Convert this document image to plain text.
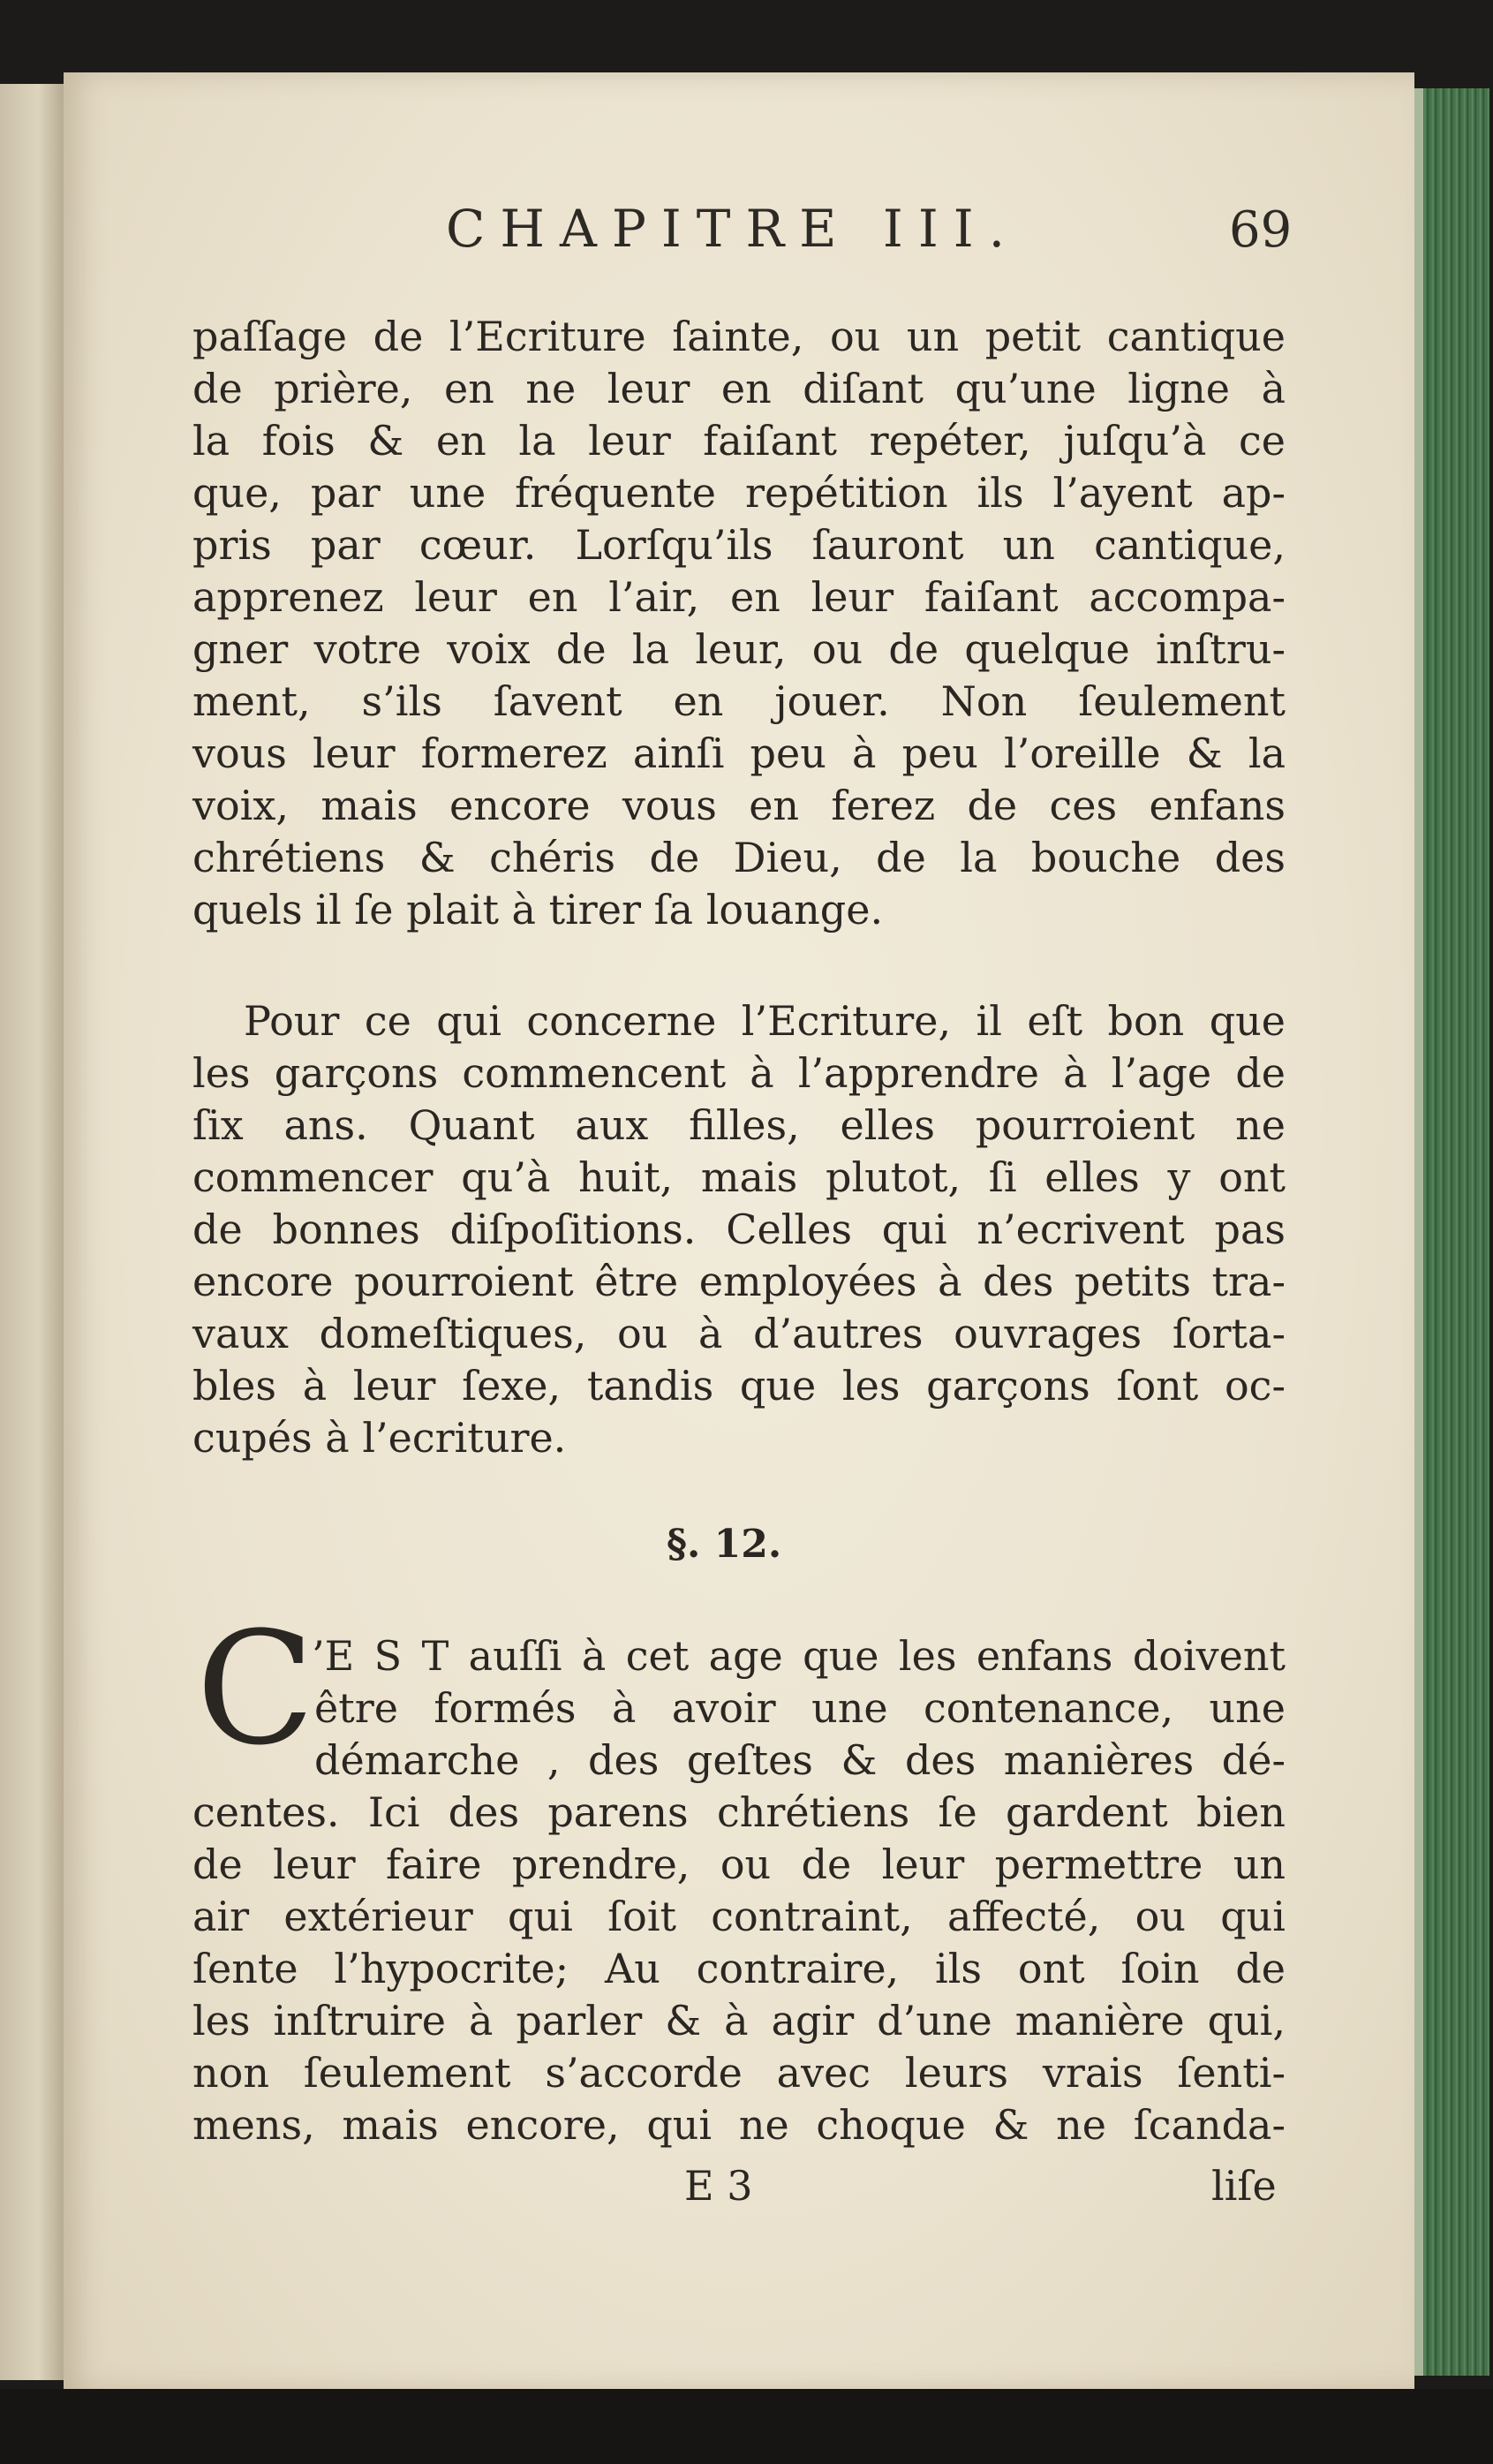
CHAPITRE III.	69
paſſage de l’Ecriture ſainte, ou un petit cantique
de prière, en ne leur en diſant qu’une ligne à
la fois & en la leur faiſant repéter, juſqu’à ce
que, par une fréquente repétition ils l’ayent ap-
pris par cœur. Lorſqu’ils ſauront un cantique,
apprenez leur en l’air, en leur faiſant accompa-
gner votre voix de la leur, ou de quelque inſtru-
ment, s’ils ſavent en jouer. Non ſeulement
vous leur formerez ainſi peu à peu l’oreille & la
voix, mais encore vous en ferez de ces enfans
chrétiens & chéris de Dieu, de la bouche des
quels il ſe plait à tirer ſa louange.
Pour ce qui concerne l’Ecriture, il eſt bon que
les garçons commencent à l’apprendre à l’age de
ſix ans. Quant aux filles, elles pourroient ne
commencer qu’à huit, mais plutot, ſi elles y ont
de bonnes diſpoſitions. Celles qui n’ecrivent pas
encore pourroient être employées à des petits tra-
vaux domeſtiques, ou à d’autres ouvrages ſorta-
bles à leur ſexe, tandis que les garçons ſont oc-
cupés à l’ecriture.
§. 12.
C
’E S T auſſi à cet age que les enfans doivent
être formés à avoir une contenance, une
démarche , des geſtes & des manières dé-
centes. Ici des parens chrétiens ſe gardent bien
de leur faire prendre, ou de leur permettre un
air extérieur qui ſoit contraint, affecté, ou qui
ſente l’hypocrite; Au contraire, ils ont ſoin de
les inſtruire à parler & à agir d’une manière qui,
non ſeulement s’accorde avec leurs vrais ſenti-
mens, mais encore, qui ne choque & ne ſcanda-
E 3	liſe
